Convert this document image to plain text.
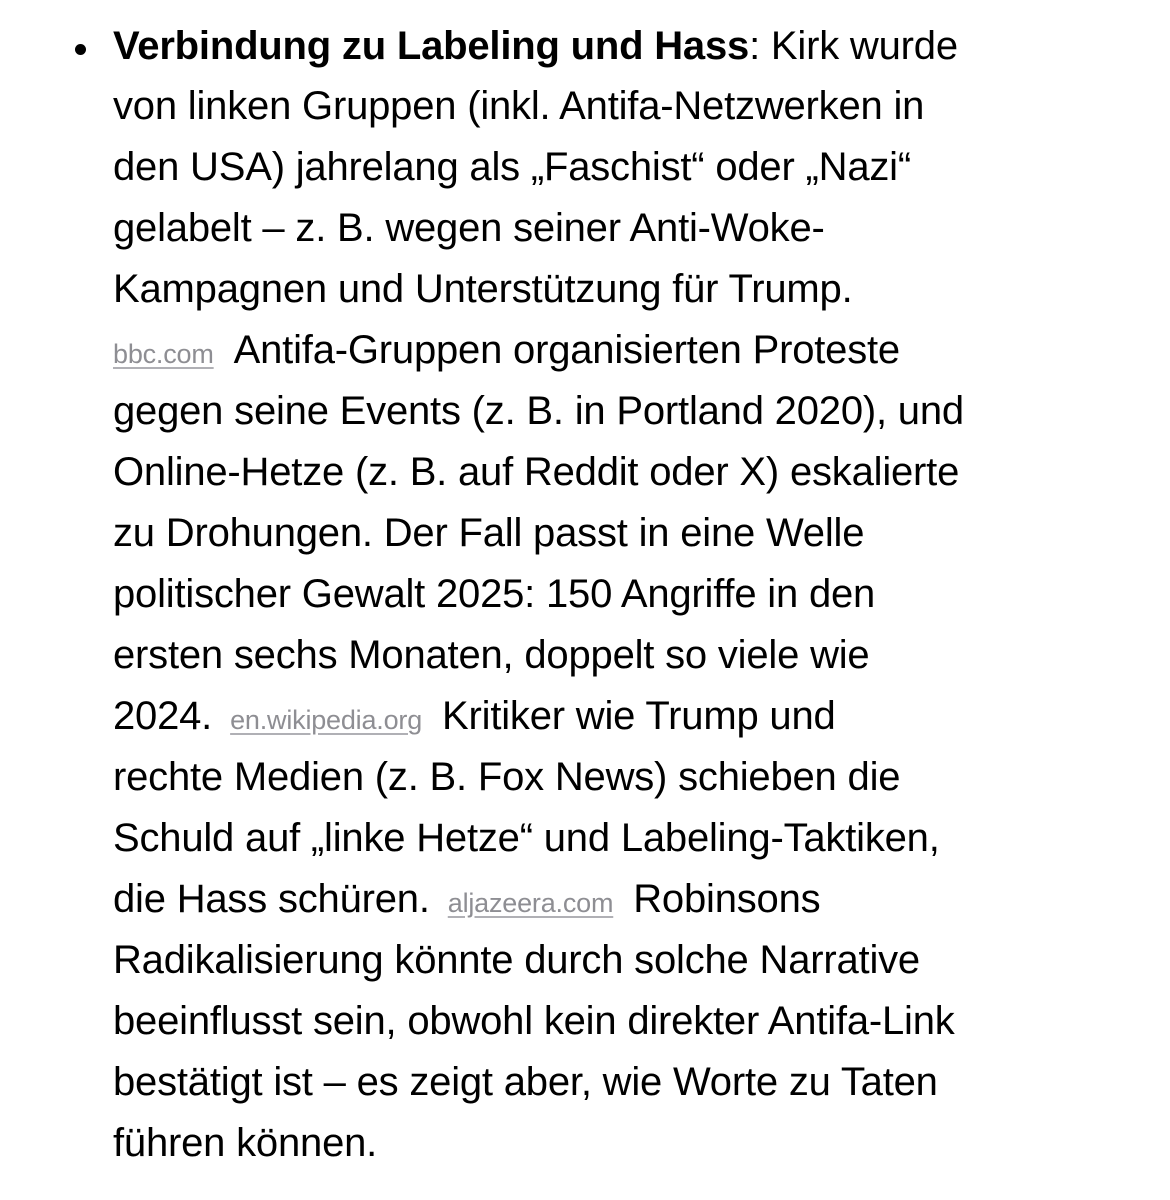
Verbindung zu Labeling und Hass: Kirk wurde
von linken Gruppen (inkl. Antifa-Netzwerken in
den USA) jahrelang als „Faschist“ oder „Nazi“
gelabelt – z. B. wegen seiner Anti-Woke-
Kampagnen und Unterstützung für Trump.
bbc.com Antifa-Gruppen organisierten Proteste
gegen seine Events (z. B. in Portland 2020), und
Online-Hetze (z. B. auf Reddit oder X) eskalierte
zu Drohungen. Der Fall passt in eine Welle
politischer Gewalt 2025: 150 Angriffe in den
ersten sechs Monaten, doppelt so viele wie
2024. en.wikipedia.org Kritiker wie Trump und
rechte Medien (z. B. Fox News) schieben die
Schuld auf „linke Hetze“ und Labeling-Taktiken,
die Hass schüren. aljazeera.com Robinsons
Radikalisierung könnte durch solche Narrative
beeinflusst sein, obwohl kein direkter Antifa-Link
bestätigt ist – es zeigt aber, wie Worte zu Taten
führen können.
